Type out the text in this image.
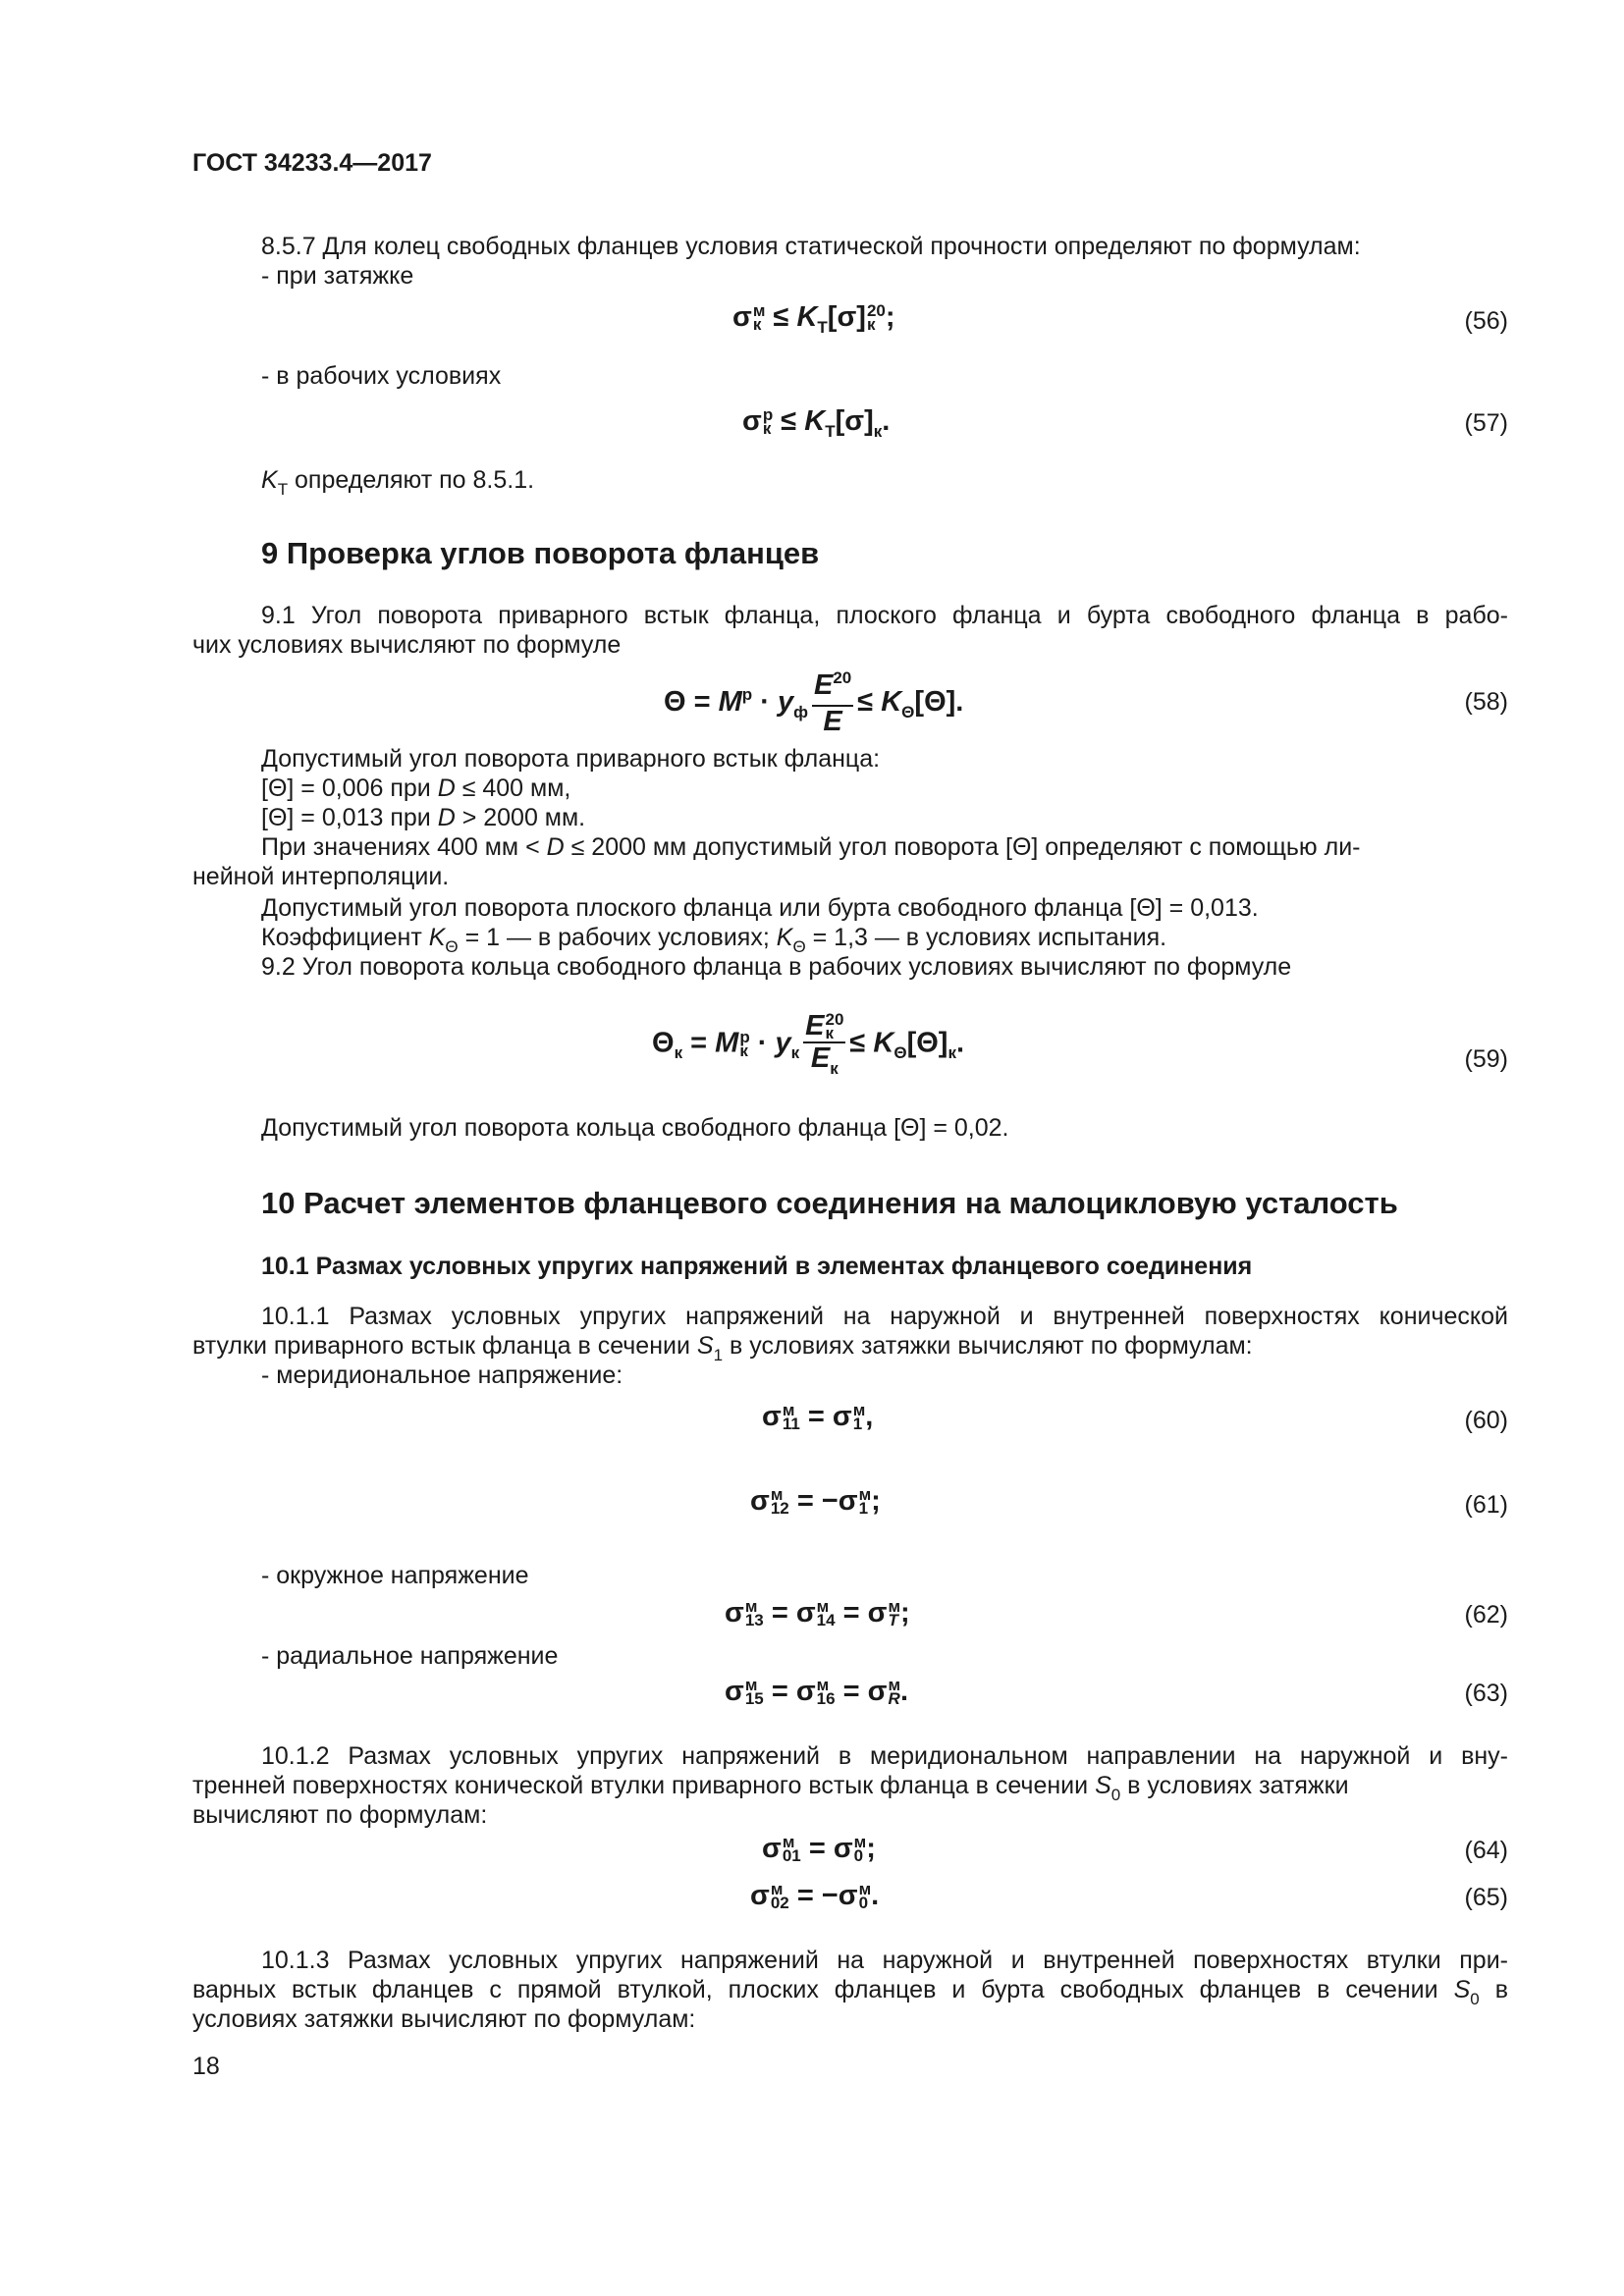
ГОСТ 34233.4—2017
8.5.7 Для колец свободных фланцев условия статической прочности определяют по формулам:
- при затяжке
σ м
$к \le K_Т[\sigma]$ 20
к ;	(56)
- в рабочих условиях
σ р
$к \le K_Т[\sigma]_к$.	(57)
$K_Т$ определяют по 8.5.1.
9 Проверка углов поворота фланцев
9.1 Угол поворота приварного встык фланца, плоского фланца и бурта свободного фланца в рабо-
чих условиях вычисляют по формуле
$\Theta = M^р \cdot y_ф \frac{E^{20}}{E} \le K_\Theta[\Theta]$.	(58)
Допустимый угол поворота приварного встык фланца:
[Θ] = 0,006 при D ≤ 400 мм,
[Θ] = 0,013 при D > 2000 мм.
При значениях 400 мм < D ≤ 2000 мм допустимый угол поворота [Θ] определяют с помощью ли-
нейной интерполяции.
Допустимый угол поворота плоского фланца или бурта свободного фланца [Θ] = 0,013.
Коэффициент $K_\Theta = 1$ — в рабочих условиях; $K_\Theta = 1,3$ — в условиях испытания.
9.2 Угол поворота кольца свободного фланца в рабочих условиях вычисляют по формуле
$\Theta_к = M$ р
$к \cdot y_к$ E 20
к
$E_к \le K_\Theta[\Theta]_к$.
(59)
Допустимый угол поворота кольца свободного фланца [Θ] = 0,02.
10 Расчет элементов фланцевого соединения на малоцикловую усталость
10.1 Размах условных упругих напряжений в элементах фланцевого соединения
10.1.1 Размах условных упругих напряжений на наружной и внутренней поверхностях конической
втулки приварного встык фланца в сечении $S_1$ в условиях затяжки вычисляют по формулам:
- меридиональное напряжение:
σ м
11 = σ м
1 ,	(60)
σ м
12 = −σ м
1 ;	(61)
- окружное напряжение
σ м
13 = σ м
14 = σ м
T ;	(62)
- радиальное напряжение
σ м
15 = σ м
16 = σ м
R .	(63)
10.1.2 Размах условных упругих напряжений в меридиональном направлении на наружной и вну-
тренней поверхностях конической втулки приварного встык фланца в сечении $S_0$ в условиях затяжки
вычисляют по формулам:
σ м
01 = σ м
0 ;	(64)
σ м
02 = −σ м
0 .	(65)
10.1.3 Размах условных упругих напряжений на наружной и внутренней поверхностях втулки при-
варных встык фланцев с прямой втулкой, плоских фланцев и бурта свободных фланцев в сечении $S_0$ в
условиях затяжки вычисляют по формулам:
18
